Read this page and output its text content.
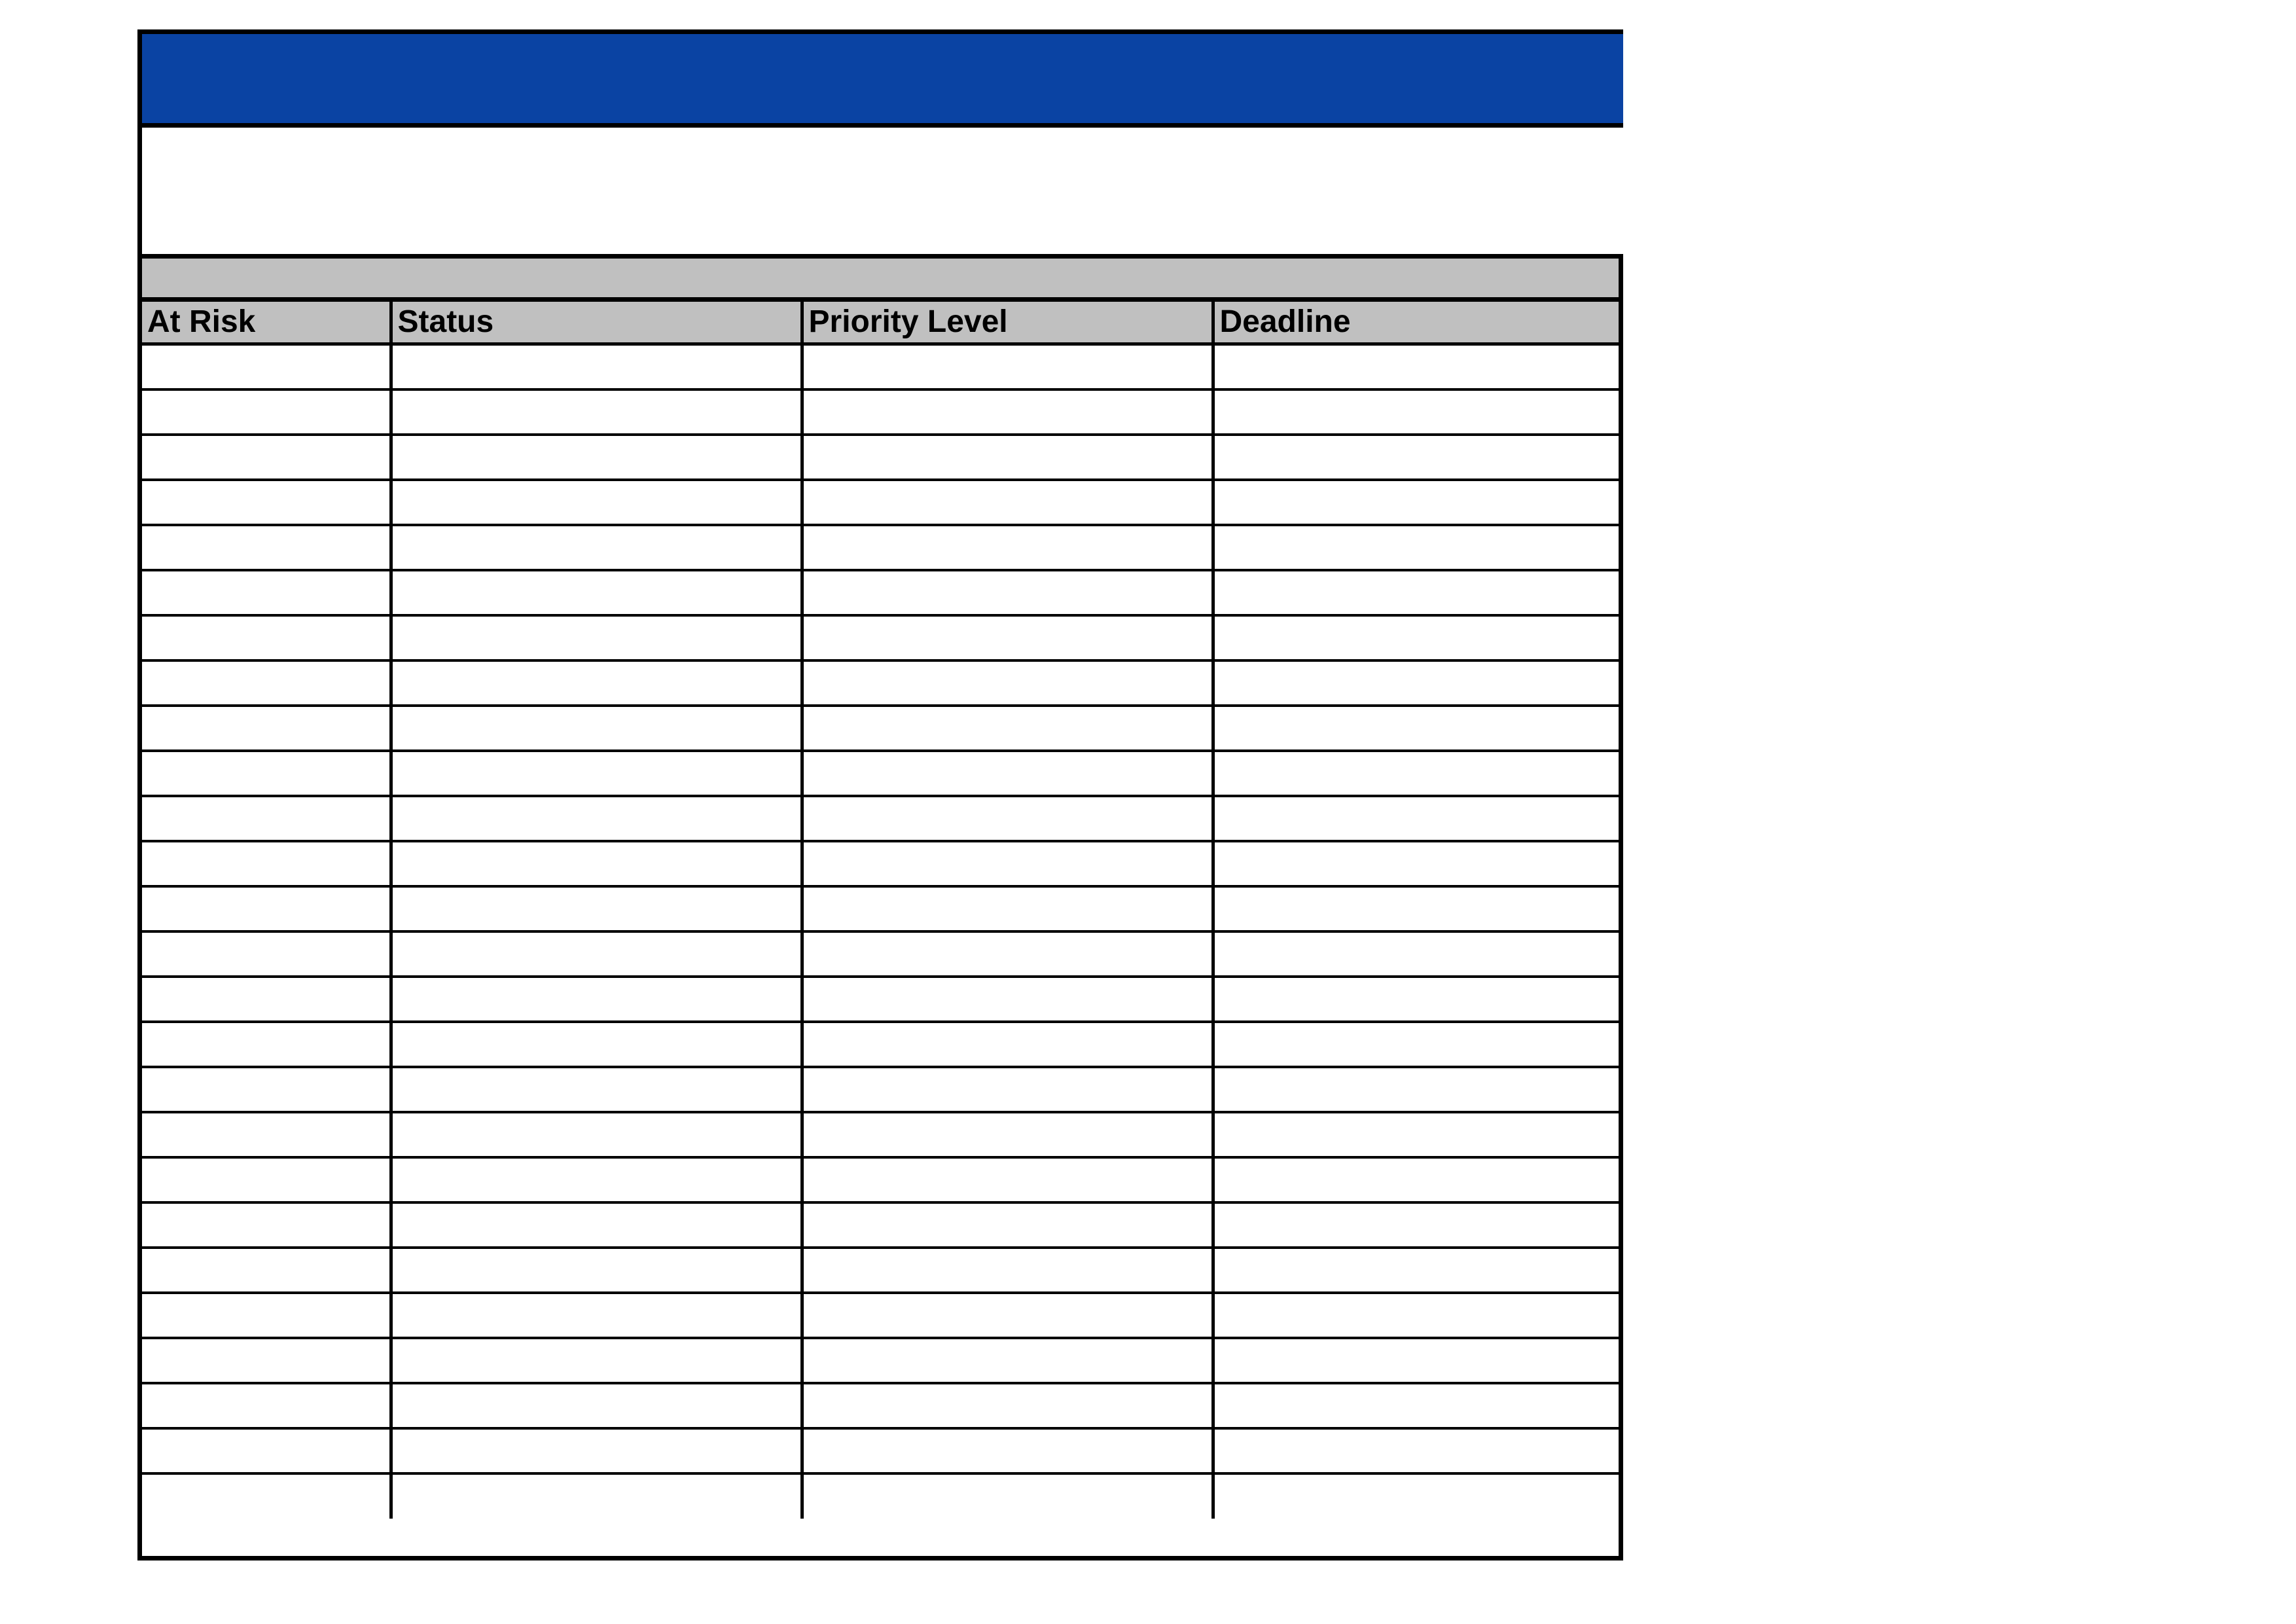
At Risk	Status	Priority Level	Deadline
